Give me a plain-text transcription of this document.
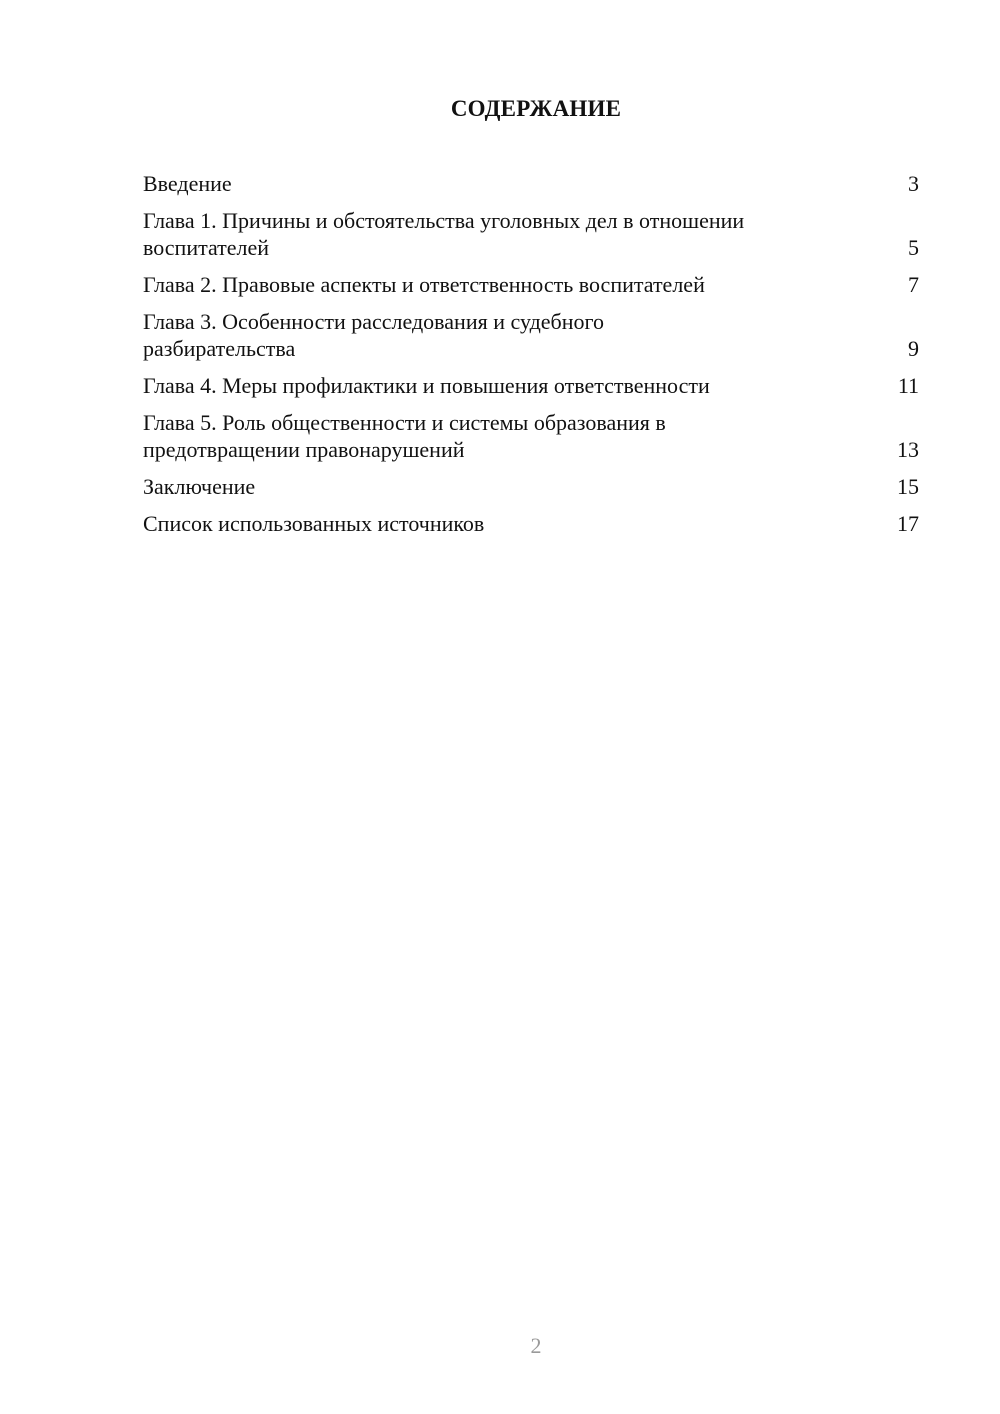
СОДЕРЖАНИЕ
Введение	3
Глава 1. Причины и обстоятельства уголовных дел в отношении воспитателей	5
Глава 2. Правовые аспекты и ответственность воспитателей	7
Глава 3. Особенности расследования и судебного разбирательства	9
Глава 4. Меры профилактики и повышения ответственности	11
Глава 5. Роль общественности и системы образования в предотвращении правонарушений	13
Заключение	15
Список использованных источников	17
2
